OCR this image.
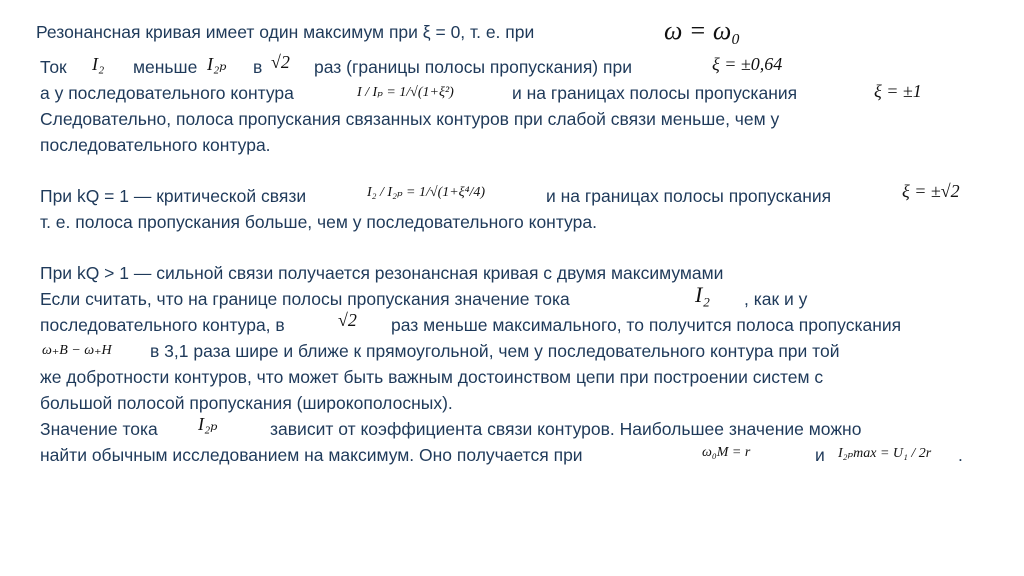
Резонансная кривая имеет один максимум при ξ = 0, т. е. при	ω = ω₀
Ток I₂ меньше I₂ₚ в √2 раз (границы полосы пропускания) при	ξ = ±0,64
а у последовательного контура	I / Iₚ = 1/√(1+ξ²)	и на границах полосы пропускания	ξ = ±1
Следовательно, полоса пропускания связанных контуров при слабой связи меньше, чем у
последовательного контура.
При kQ = 1 — критической связи	I₂ / I₂ₚ = 1/√(1+ξ⁴/4)	и на границах полосы пропускания	ξ = ±√2
т. е. полоса пропускания больше, чем у последовательного контура.
При kQ > 1 — сильной связи получается резонансная кривая с двумя максимумами
Если считать, что на границе полосы пропускания значение тока	I₂ , как и у
последовательного контура, в	√2 раз меньше максимального, то получится полоса пропускания
ω₊В − ω₊Н в 3,1 раза шире и ближе к прямоугольной, чем у последовательного контура при той
же добротности контуров, что может быть важным достоинством цепи при построении систем с
большой полосой пропускания (широкополосных).
Значение тока I₂ₚ	зависит от коэффициента связи контуров. Наибольшее значение можно
найти обычным исследованием на максимум. Оно получается при	ω₀M = r	и I₂ₚmax = U₁ / 2r .
